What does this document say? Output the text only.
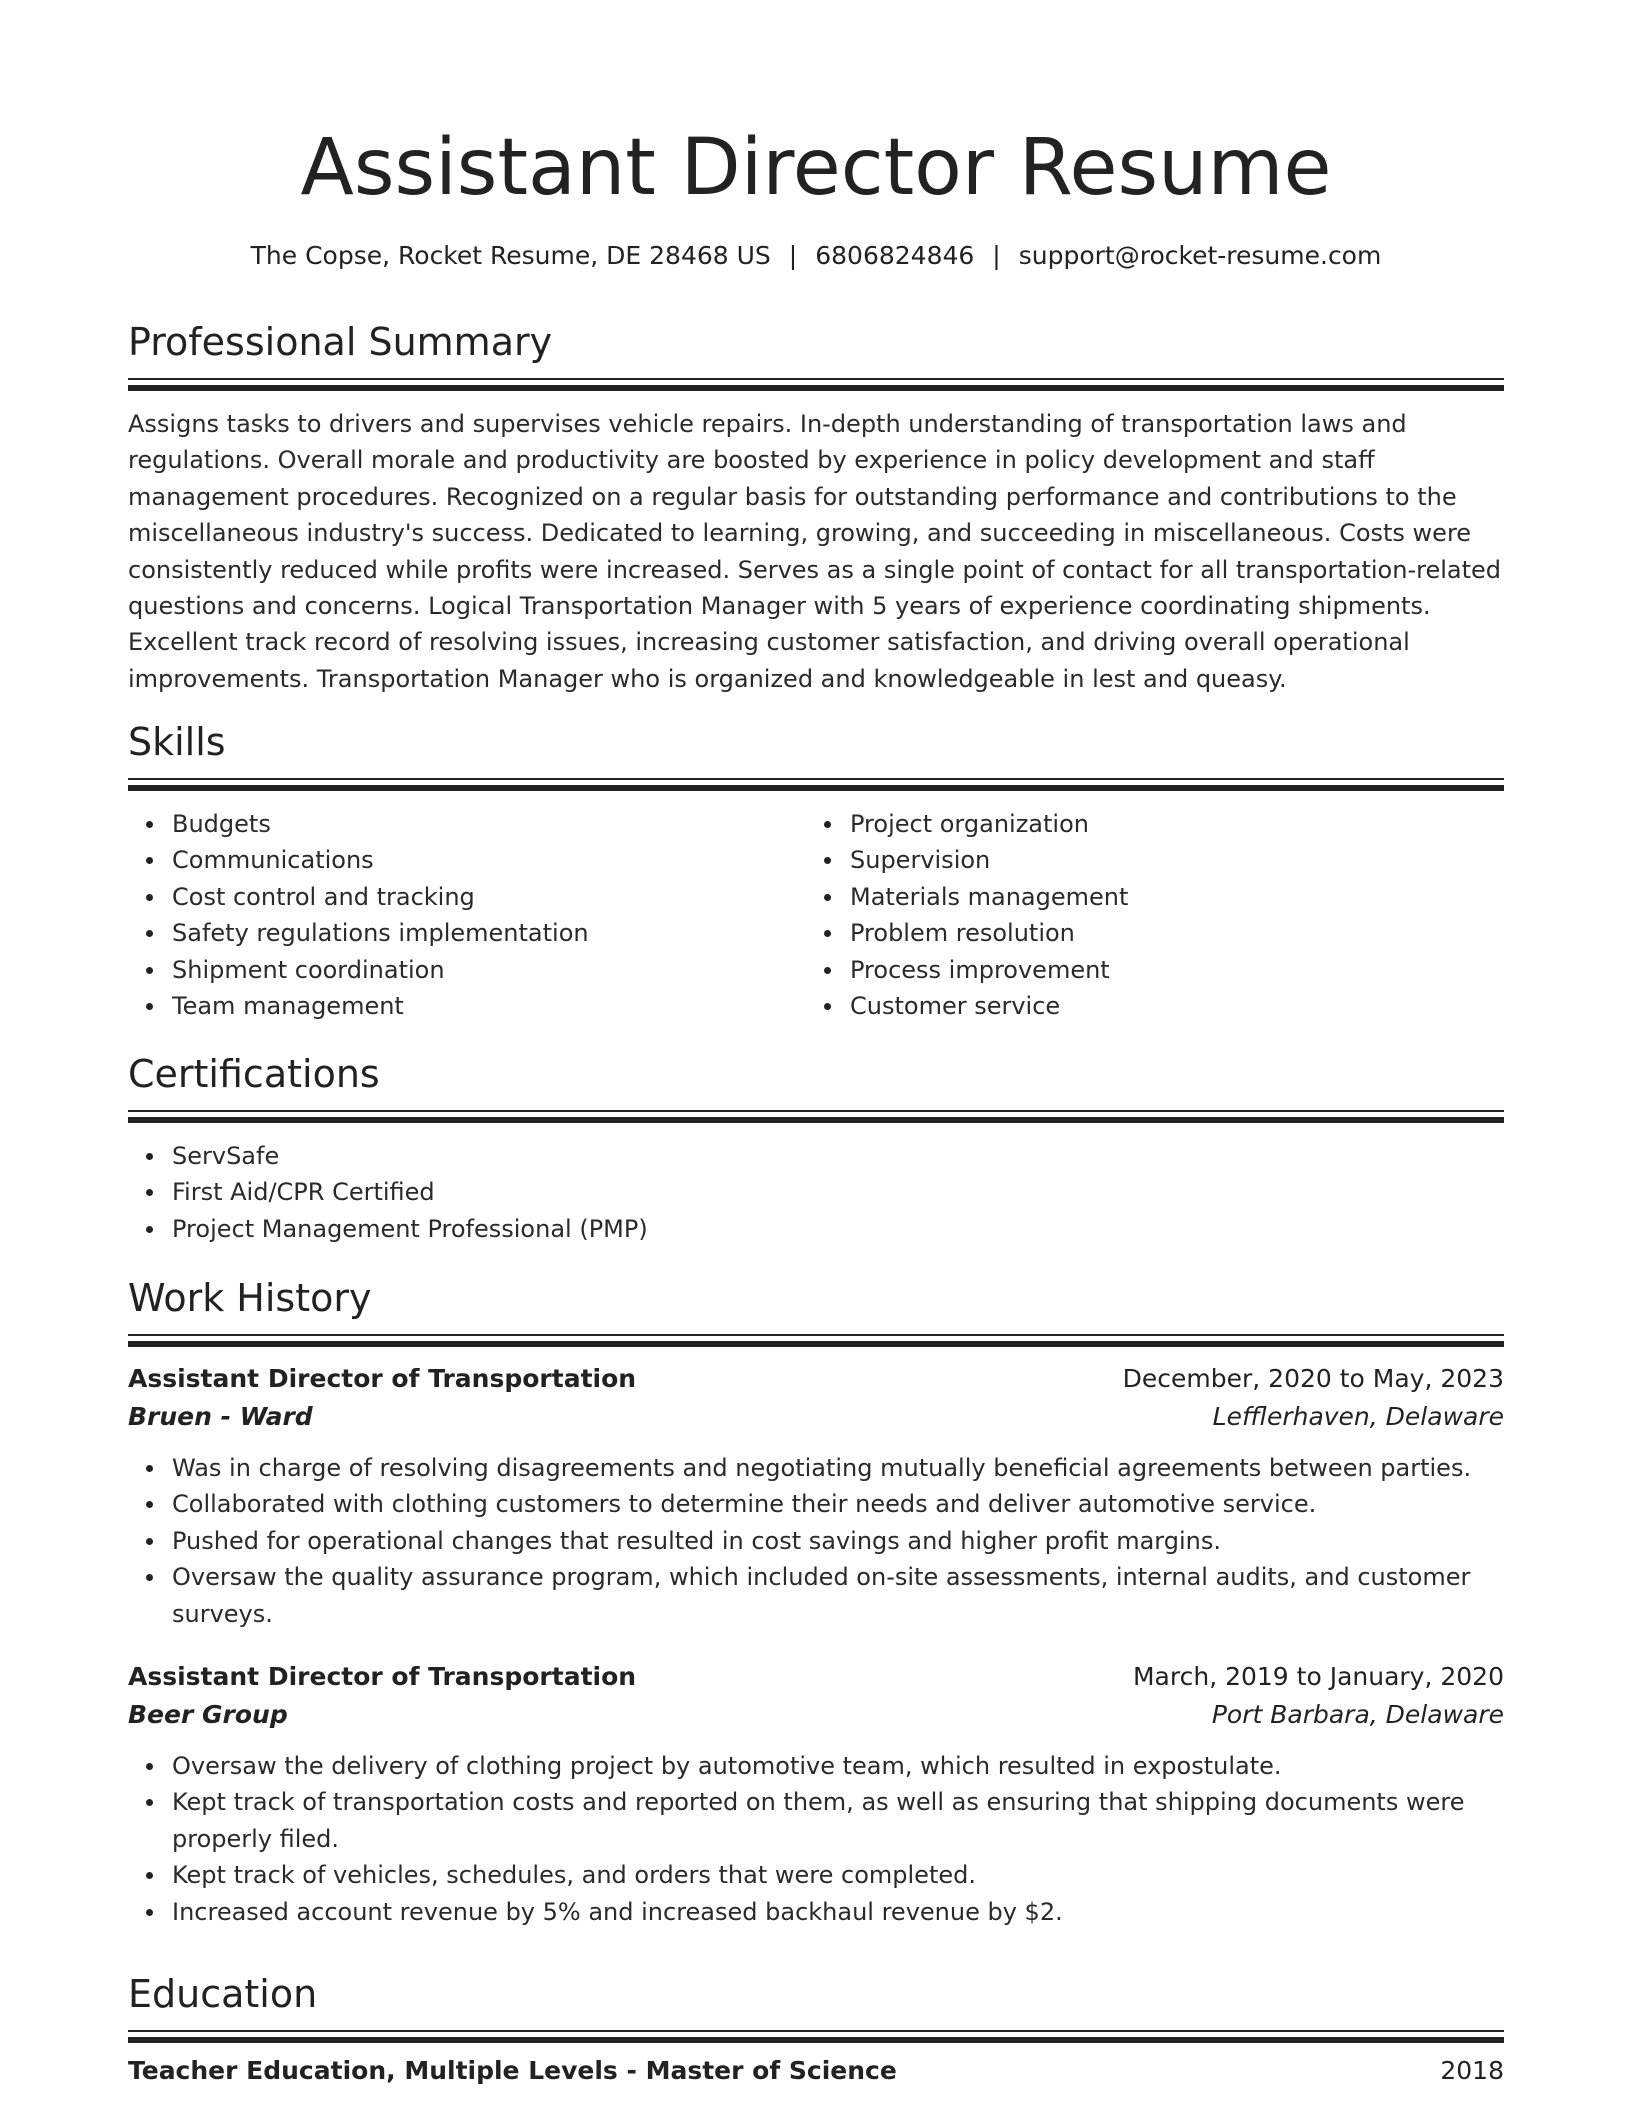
Assistant Director Resume
The Copse, Rocket Resume, DE 28468 US | 6806824846 | support@rocket-resume.com
Professional Summary

Assigns tasks to drivers and supervises vehicle repairs. In-depth understanding of transportation laws and regulations. Overall morale and productivity are boosted by experience in policy development and staff management procedures. Recognized on a regular basis for outstanding performance and contributions to the miscellaneous industry's success. Dedicated to learning, growing, and succeeding in miscellaneous. Costs were consistently reduced while profits were increased. Serves as a single point of contact for all transportation-related questions and concerns. Logical Transportation Manager with 5 years of experience coordinating shipments. Excellent track record of resolving issues, increasing customer satisfaction, and driving overall operational improvements. Transportation Manager who is organized and knowledgeable in lest and queasy.

Skills
Budgets
Communications
Cost control and tracking
Safety regulations implementation
Shipment coordination
Team management
Project organization
Supervision
Materials management
Problem resolution
Process improvement
Customer service
Certifications
ServSafe
First Aid/CPR Certified
Project Management Professional (PMP)
Work History
Assistant Director of Transportation	December, 2020 to May, 2023
Bruen - Ward	Lefflerhaven, Delaware
Was in charge of resolving disagreements and negotiating mutually beneficial agreements between parties.
Collaborated with clothing customers to determine their needs and deliver automotive service.
Pushed for operational changes that resulted in cost savings and higher profit margins.
Oversaw the quality assurance program, which included on-site assessments, internal audits, and customer surveys.
Assistant Director of Transportation	March, 2019 to January, 2020
Beer Group	Port Barbara, Delaware
Oversaw the delivery of clothing project by automotive team, which resulted in expostulate.
Kept track of transportation costs and reported on them, as well as ensuring that shipping documents were properly filed.
Kept track of vehicles, schedules, and orders that were completed.
Increased account revenue by 5% and increased backhaul revenue by $2.
Education
Teacher Education, Multiple Levels - Master of Science	2018
